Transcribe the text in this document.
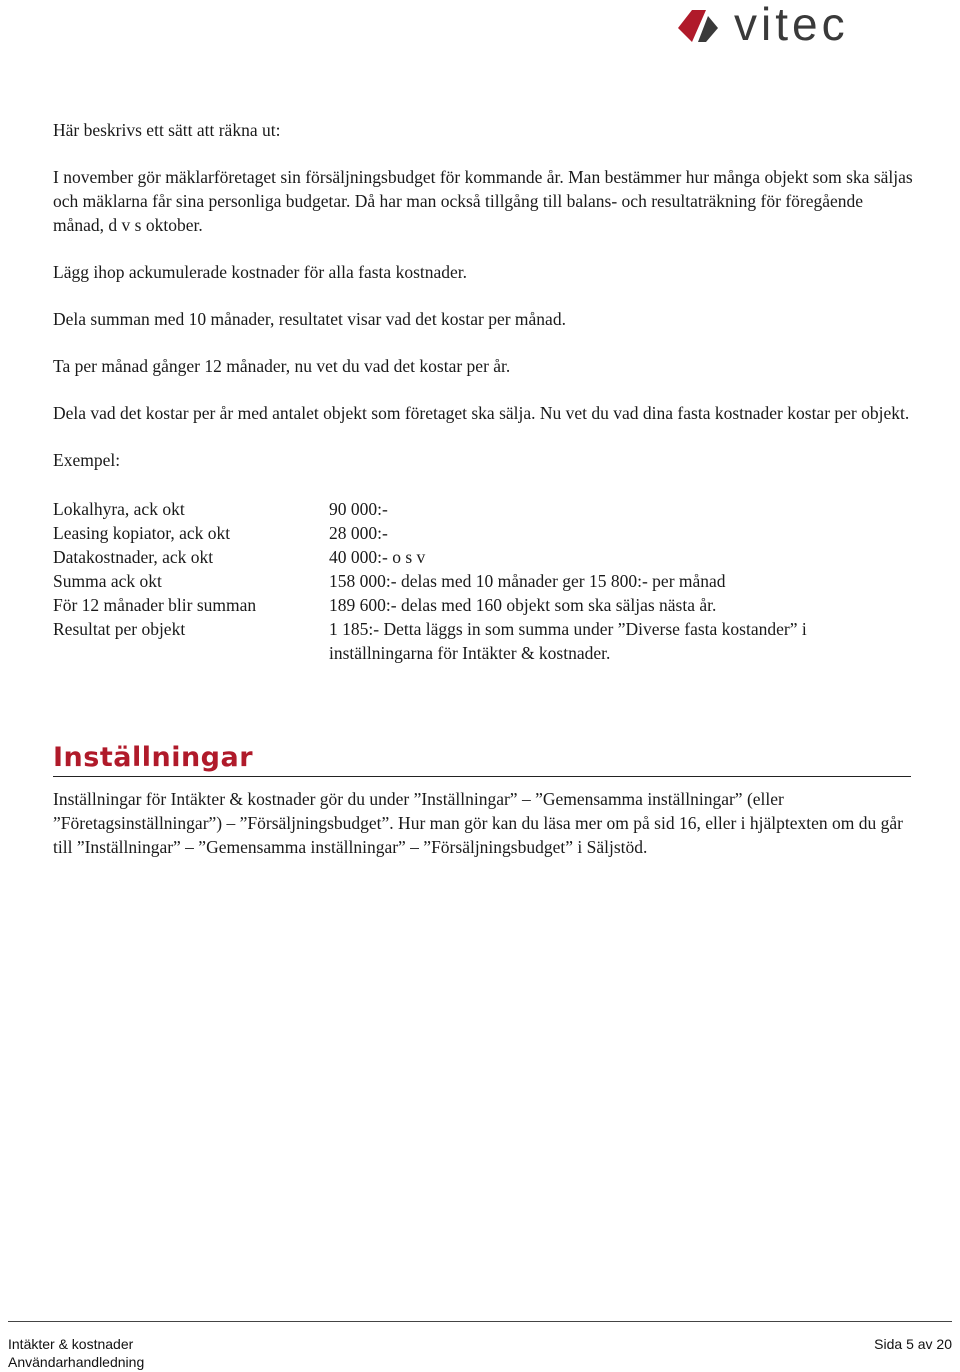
vitec

Här beskrivs ett sätt att räkna ut:

I november gör mäklarföretaget sin försäljningsbudget för kommande år. Man bestämmer hur många objekt som ska säljas och mäklarna får sina personliga budgetar. Då har man också tillgång till balans- och resultaträkning för föregående månad, d v s oktober.

Lägg ihop ackumulerade kostnader för alla fasta kostnader.

Dela summan med 10 månader, resultatet visar vad det kostar per månad.

Ta per månad gånger 12 månader, nu vet du vad det kostar per år.

Dela vad det kostar per år med antalet objekt som företaget ska sälja. Nu vet du vad dina fasta kostnader kostar per objekt.

Exempel:

Lokalhyra, ack okt	90 000:-
Leasing kopiator, ack okt	28 000:-
Datakostnader, ack okt	40 000:- o s v
Summa ack okt	158 000:- delas med 10 månader ger 15 800:- per månad
För 12 månader blir summan	189 600:- delas med 160 objekt som ska säljas nästa år.
Resultat per objekt	1 185:- Detta läggs in som summa under ”Diverse fasta kostander” i inställningarna för Intäkter & kostnader.
Inställningar

Inställningar för Intäkter & kostnader gör du under ”Inställningar” – ”Gemensamma inställningar” (eller ”Företagsinställningar”) – ”Försäljningsbudget”. Hur man gör kan du läsa mer om på sid 16, eller i hjälptexten om du går till ”Inställningar” – ”Gemensamma inställningar” – ”Försäljningsbudget” i Säljstöd.

Intäkter & kostnader
Användarhandledning
Sida 5 av 20
